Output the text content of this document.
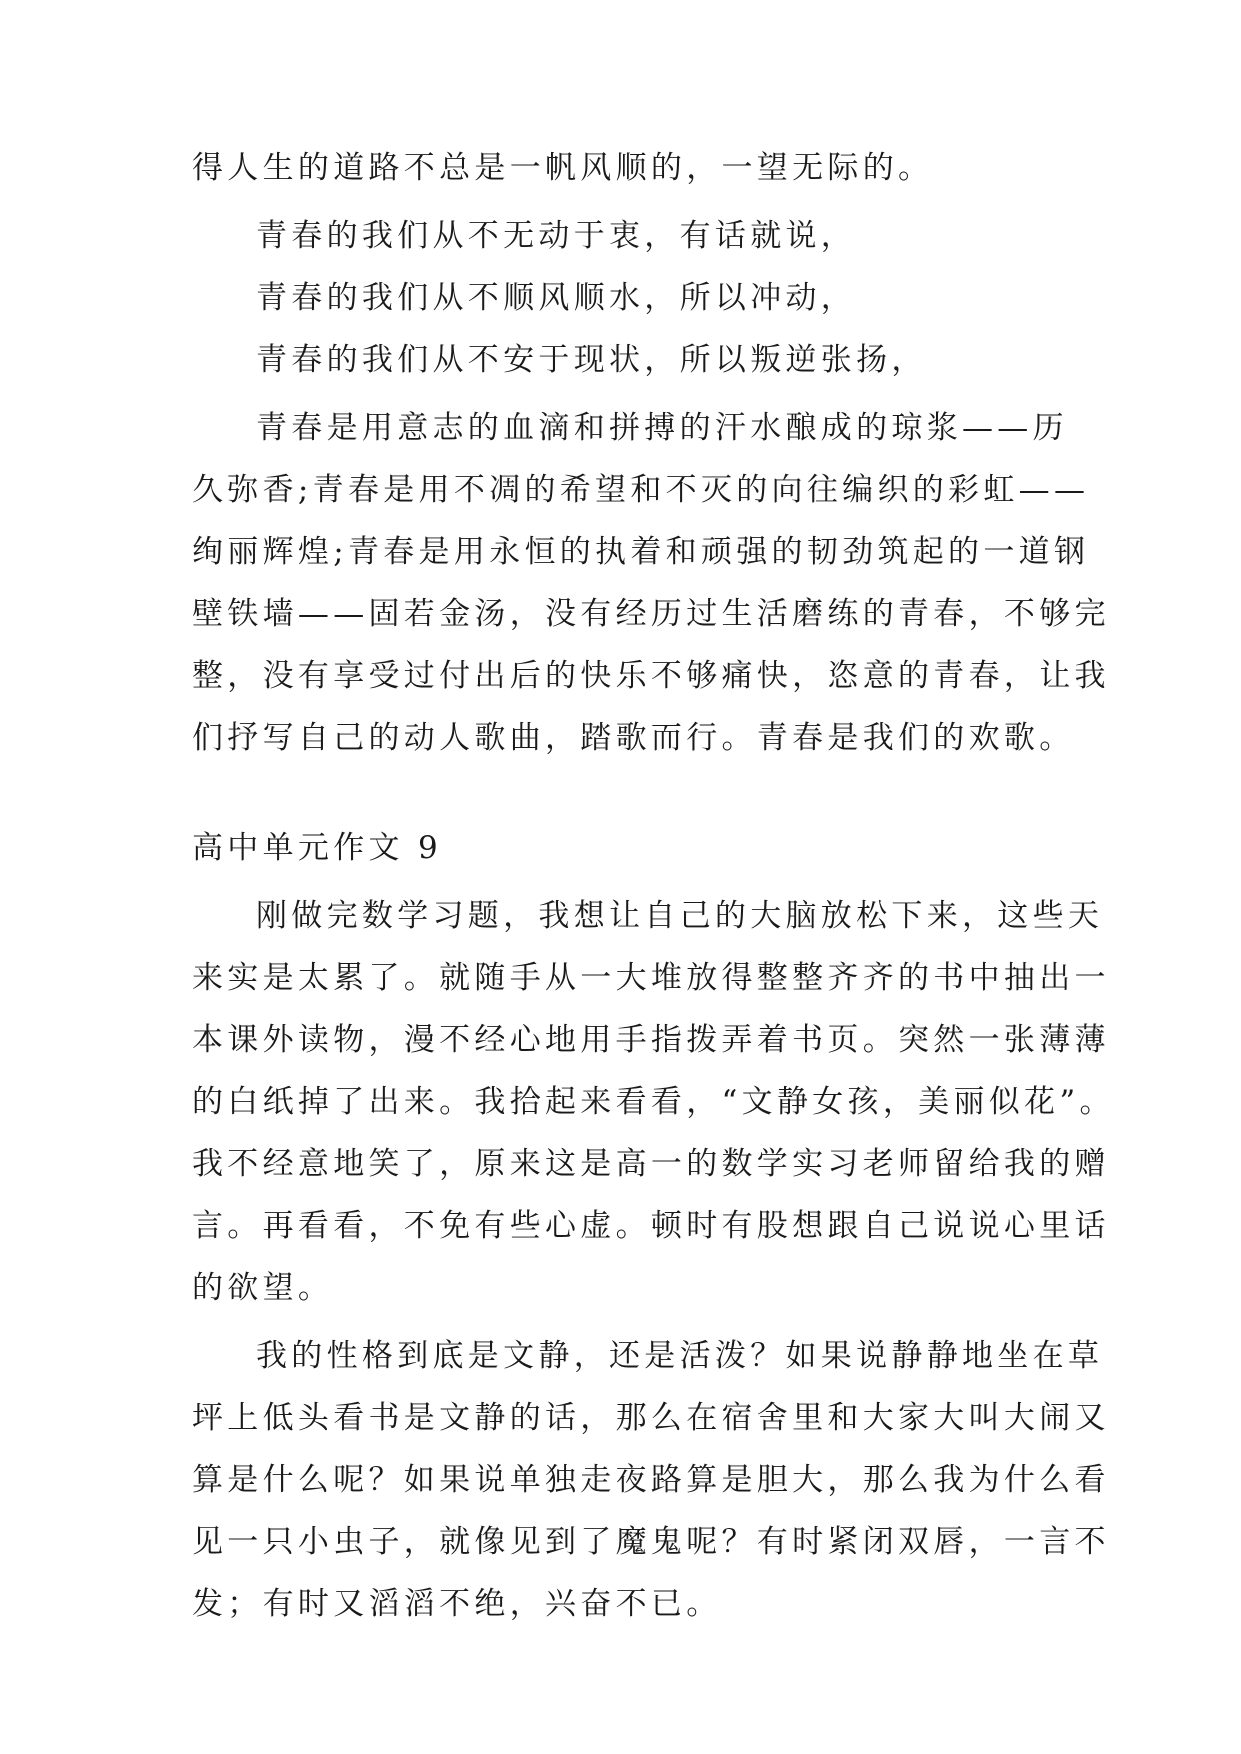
得人生的道路不总是一帆风顺的，一望无际的。
青春的我们从不无动于衷，有话就说，
青春的我们从不顺风顺水，所以冲动，
青春的我们从不安于现状，所以叛逆张扬，
青春是用意志的血滴和拼搏的汗水酿成的琼浆——历
久弥香;青春是用不凋的希望和不灭的向往编织的彩虹——
绚丽辉煌;青春是用永恒的执着和顽强的韧劲筑起的一道钢
壁铁墙——固若金汤，没有经历过生活磨练的青春，不够完
整，没有享受过付出后的快乐不够痛快，恣意的青春，让我
们抒写自己的动人歌曲，踏歌而行。青春是我们的欢歌。
高中单元作文 9
刚做完数学习题，我想让自己的大脑放松下来，这些天
来实是太累了。就随手从一大堆放得整整齐齐的书中抽出一
本课外读物，漫不经心地用手指拨弄着书页。突然一张薄薄
的白纸掉了出来。我拾起来看看，“文静女孩，美丽似花”。
我不经意地笑了，原来这是高一的数学实习老师留给我的赠
言。再看看，不免有些心虚。顿时有股想跟自己说说心里话
的欲望。
我的性格到底是文静，还是活泼？如果说静静地坐在草
坪上低头看书是文静的话，那么在宿舍里和大家大叫大闹又
算是什么呢？如果说单独走夜路算是胆大，那么我为什么看
见一只小虫子，就像见到了魔鬼呢？有时紧闭双唇，一言不
发；有时又滔滔不绝，兴奋不已。
